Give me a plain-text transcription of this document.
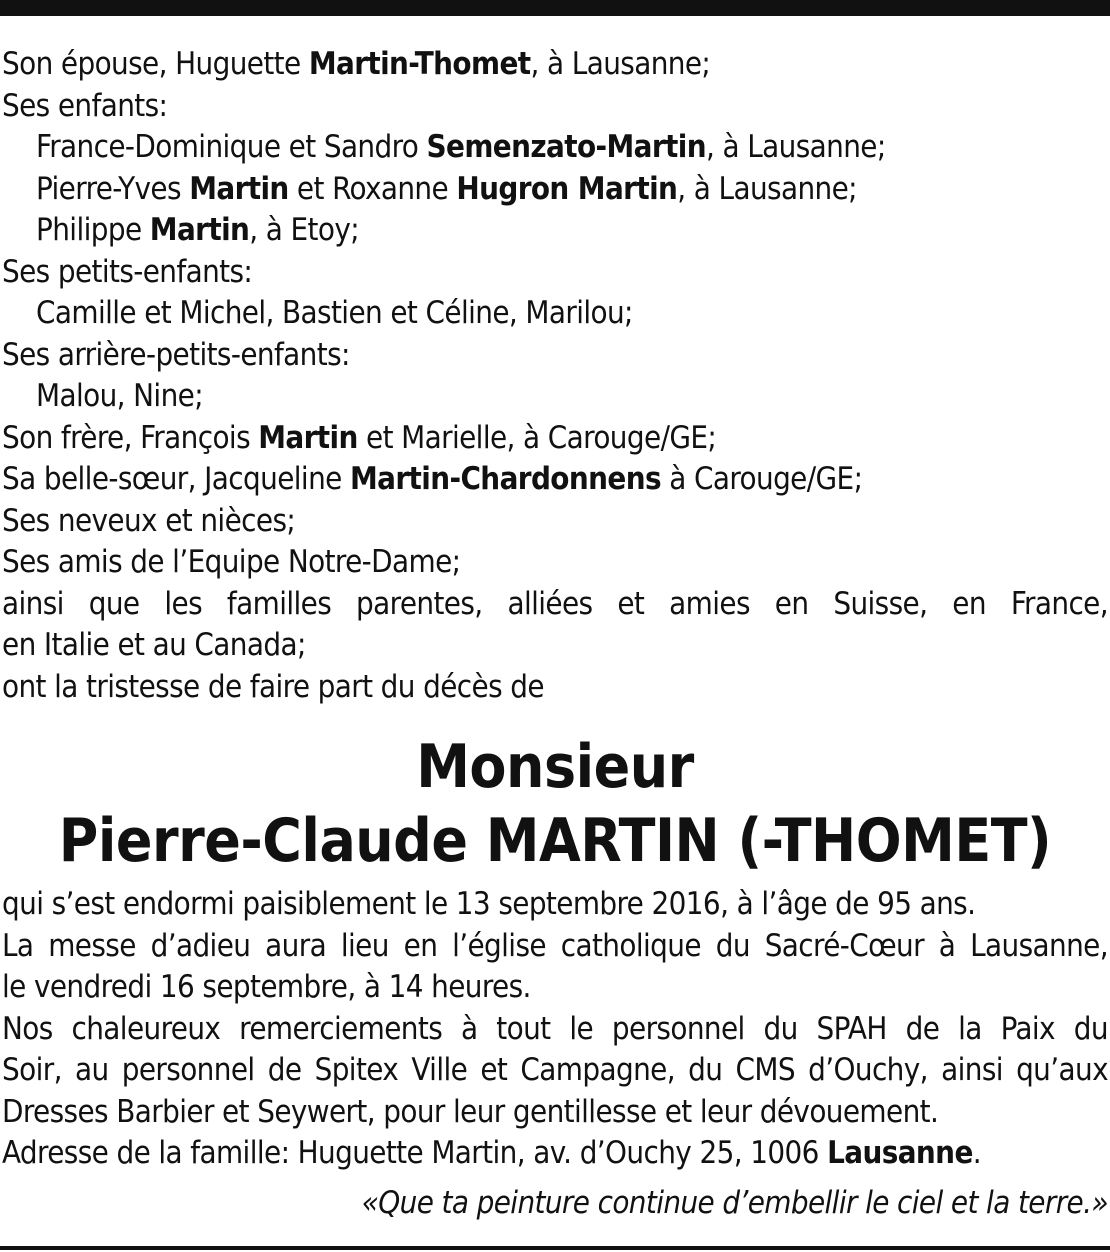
Son épouse, Huguette Martin-Thomet, à Lausanne;
Ses enfants:
France-Dominique et Sandro Semenzato-Martin, à Lausanne;
Pierre-Yves Martin et Roxanne Hugron Martin, à Lausanne;
Philippe Martin, à Etoy;
Ses petits-enfants:
Camille et Michel, Bastien et Céline, Marilou;
Ses arrière-petits-enfants:
Malou, Nine;
Son frère, François Martin et Marielle, à Carouge/GE;
Sa belle-sœur, Jacqueline Martin-Chardonnens à Carouge/GE;
Ses neveux et nièces;
Ses amis de l’Equipe Notre-Dame;
ainsi que les familles parentes, alliées et amies en Suisse, en France,
en Italie et au Canada;
ont la tristesse de faire part du décès de
Monsieur
Pierre-Claude MARTIN (-THOMET)
qui s’est endormi paisiblement le 13 septembre 2016, à l’âge de 95 ans.
La messe d’adieu aura lieu en l’église catholique du Sacré-Cœur à Lausanne,
le vendredi 16 septembre, à 14 heures.
Nos chaleureux remerciements à tout le personnel du SPAH de la Paix du
Soir, au personnel de Spitex Ville et Campagne, du CMS d’Ouchy, ainsi qu’aux
Dresses Barbier et Seywert, pour leur gentillesse et leur dévouement.
Adresse de la famille: Huguette Martin, av. d’Ouchy 25, 1006 Lausanne.
«Que ta peinture continue d’embellir le ciel et la terre.»
